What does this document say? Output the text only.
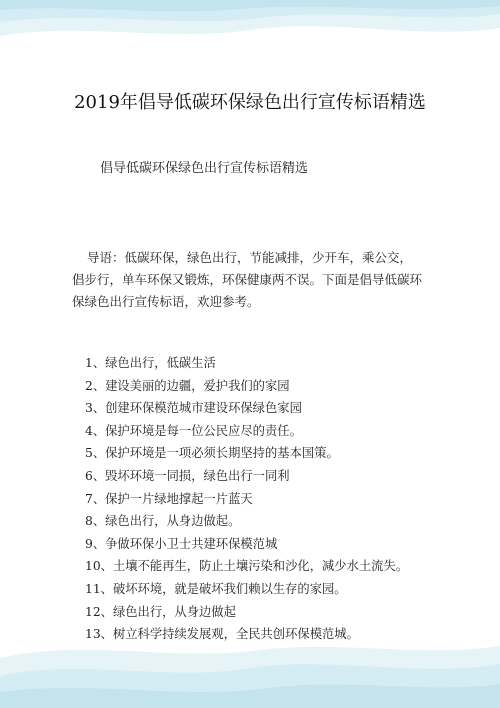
2019年倡导低碳环保绿色出行宣传标语精选

倡导低碳环保绿色出行宣传标语精选

导语：低碳环保，绿色出行，节能减排，少开车，乘公交，倡步行，单车环保又锻炼，环保健康两不误。下面是倡导低碳环保绿色出行宣传标语，欢迎参考。

1、绿色出行，低碳生活
2、建设美丽的边疆，爱护我们的家园
3、创建环保模范城市建设环保绿色家园
4、保护环境是每一位公民应尽的责任。
5、保护环境是一项必须长期坚持的基本国策。
6、毁坏环境一同损，绿色出行一同利
7、保护一片绿地撑起一片蓝天
8、绿色出行，从身边做起。
9、争做环保小卫士共建环保模范城
10、土壤不能再生，防止土壤污染和沙化，减少水土流失。
11、破坏环境，就是破坏我们赖以生存的家园。
12、绿色出行，从身边做起
13、树立科学持续发展观，全民共创环保模范城。
